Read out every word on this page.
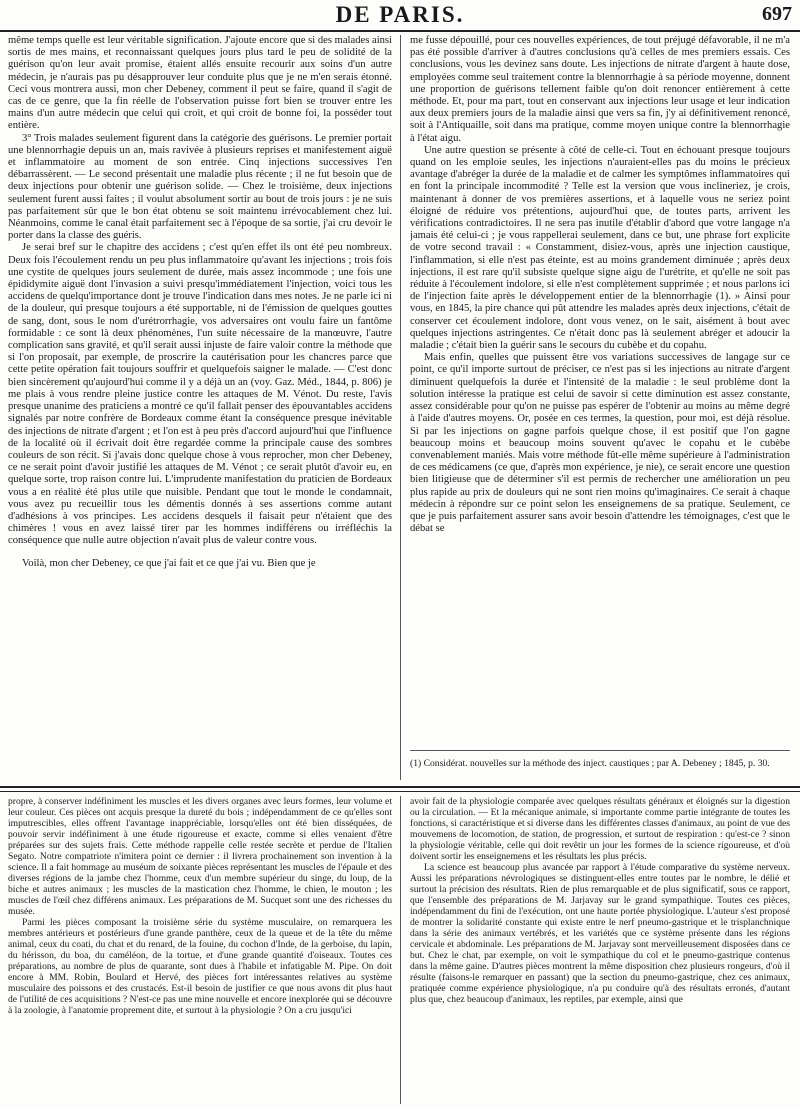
DE PARIS.	697

même temps quelle est leur véritable signification. J'ajoute encore que si des malades ainsi sortis de mes mains, et reconnaissant quelques jours plus tard le peu de solidité de la guérison qu'on leur avait promise, étaient allés ensuite recourir aux soins d'un autre médecin, je n'aurais pas pu désapprouver leur conduite plus que je ne m'en serais étonné. Ceci vous montrera aussi, mon cher Debeney, comment il peut se faire, quand il s'agit de cas de ce genre, que la fin réelle de l'observation puisse fort bien se trouver entre les mains d'un autre médecin que celui qui croit, et qui croit de bonne foi, la posséder tout entière.

3° Trois malades seulement figurent dans la catégorie des guérisons. Le premier portait une blennorrhagie depuis un an, mais ravivée à plusieurs reprises et manifestement aiguë et inflammatoire au moment de son entrée. Cinq injections successives l'en débarrassèrent. — Le second présentait une maladie plus récente ; il ne fut besoin que de deux injections pour obtenir une guérison solide. — Chez le troisième, deux injections seulement furent aussi faites ; il voulut absolument sortir au bout de trois jours : je ne suis pas parfaitement sûr que le bon état obtenu se soit maintenu irrévocablement chez lui. Néanmoins, comme le canal était parfaitement sec à l'époque de sa sortie, j'ai cru devoir le porter dans la classe des guéris.

Je serai bref sur le chapitre des accidens ; c'est qu'en effet ils ont été peu nombreux. Deux fois l'écoulement rendu un peu plus inflammatoire qu'avant les injections ; trois fois une cystite de quelques jours seulement de durée, mais assez incommode ; une fois une épididymite aiguë dont l'invasion a suivi presqu'immédiatement l'injection, voici tous les accidens de quelqu'importance dont je trouve l'indication dans mes notes. Je ne parle ici ni de la douleur, qui presque toujours a été supportable, ni de l'émission de quelques gouttes de sang, dont, sous le nom d'urétrorrhagie, vos adversaires ont voulu faire un fantôme formidable : ce sont là deux phénomènes, l'un suite nécessaire de la manœuvre, l'autre complication sans gravité, et qu'il serait aussi injuste de faire valoir contre la méthode que si l'on proposait, par exemple, de proscrire la cautérisation pour les chancres parce que cette petite opération fait toujours souffrir et quelquefois saigner le malade. — C'est donc bien sincèrement qu'aujourd'hui comme il y a déjà un an (voy. Gaz. Méd., 1844, p. 806) je me plais à vous rendre pleine justice contre les attaques de M. Vénot. Du reste, l'avis presque unanime des praticiens a montré ce qu'il fallait penser des épouvantables accidens signalés par notre confrère de Bordeaux comme étant la conséquence presque inévitable des injections de nitrate d'argent ; et l'on est à peu près d'accord aujourd'hui que l'influence de la localité où il écrivait doit être regardée comme la principale cause des sombres couleurs de son récit. Si j'avais donc quelque chose à vous reprocher, mon cher Debeney, ce ne serait point d'avoir justifié les attaques de M. Vénot ; ce serait plutôt d'avoir eu, en quelque sorte, trop raison contre lui. L'imprudente manifestation du praticien de Bordeaux vous a en réalité été plus utile que nuisible. Pendant que tout le monde le condamnait, vous avez pu recueillir tous les démentis donnés à ses assertions comme autant d'adhésions à vos principes. Les accidens desquels il faisait peur n'étaient que des chimères ! vous en avez laissé tirer par les hommes indifférens ou irréfléchis la conséquence que nulle autre objection n'avait plus de valeur contre vous.

Voilà, mon cher Debeney, ce que j'ai fait et ce que j'ai vu. Bien que je

me fusse dépouillé, pour ces nouvelles expériences, de tout préjugé défavorable, il ne m'a pas été possible d'arriver à d'autres conclusions qu'à celles de mes premiers essais. Ces conclusions, vous les devinez sans doute. Les injections de nitrate d'argent à haute dose, employées comme seul traitement contre la blennorrhagie à sa période moyenne, donnent une proportion de guérisons tellement faible qu'on doit renoncer entièrement à cette méthode. Et, pour ma part, tout en conservant aux injections leur usage et leur indication aux deux premiers jours de la maladie ainsi que vers sa fin, j'y ai définitivement renoncé, soit à l'Antiquaille, soit dans ma pratique, comme moyen unique contre la blennorrhagie à l'état aigu.

Une autre question se présente à côté de celle-ci. Tout en échouant presque toujours quand on les emploie seules, les injections n'auraient-elles pas du moins le précieux avantage d'abréger la durée de la maladie et de calmer les symptômes inflammatoires qui en font la principale incommodité ? Telle est la version que vous inclineriez, je crois, maintenant à donner de vos premières assertions, et à laquelle vous ne seriez point éloigné de réduire vos prétentions, aujourd'hui que, de toutes parts, arrivent les vérifications contradictoires. Il ne sera pas inutile d'établir d'abord que votre langage n'a jamais été celui-ci ; je vous rappellerai seulement, dans ce but, une phrase fort explicite de votre second travail : « Constamment, disiez-vous, après une injection caustique, l'inflammation, si elle n'est pas éteinte, est au moins grandement diminuée ; après deux injections, il est rare qu'il subsiste quelque signe aigu de l'urétrite, et qu'elle ne soit pas réduite à l'écoulement indolore, si elle n'est complètement supprimée ; et nous parlons ici de l'injection faite après le développement entier de la blennorrhagie (1). » Ainsi pour vous, en 1845, la pire chance qui pût attendre les malades après deux injections, c'était de conserver cet écoulement indolore, dont vous venez, on le sait, aisément à bout avec quelques injections astringentes. Ce n'était donc pas là seulement abréger et adoucir la maladie ; c'était bien la guérir sans le secours du cubèbe et du copahu.

Mais enfin, quelles que puissent être vos variations successives de langage sur ce point, ce qu'il importe surtout de préciser, ce n'est pas si les injections au nitrate d'argent diminuent quelquefois la durée et l'intensité de la maladie : le seul problème dont la solution intéresse la pratique est celui de savoir si cette diminution est assez constante, assez considérable pour qu'on ne puisse pas espérer de l'obtenir au moins au même degré à l'aide d'autres moyens. Or, posée en ces termes, la question, pour moi, est déjà résolue. Si par les injections on gagne parfois quelque chose, il est positif que l'on gagne beaucoup moins et beaucoup moins souvent qu'avec le copahu et le cubèbe convenablement maniés. Mais votre méthode fût-elle même supérieure à l'administration de ces médicamens (ce que, d'après mon expérience, je nie), ce serait encore une question bien litigieuse que de déterminer s'il est permis de rechercher une amélioration un peu plus rapide au prix de douleurs qui ne sont rien moins qu'imaginaires. Ce serait à chaque médecin à répondre sur ce point selon les enseignemens de sa pratique. Seulement, ce que je puis parfaitement assurer sans avoir besoin d'attendre les témoignages, c'est que le débat se

(1) Considérat. nouvelles sur la méthode des inject. caustiques ; par A. Debeney ; 1845, p. 30.

propre, à conserver indéfiniment les muscles et les divers organes avec leurs formes, leur volume et leur couleur. Ces pièces ont acquis presque la dureté du bois ; indépendamment de ce qu'elles sont imputrescibles, elles offrent l'avantage inappréciable, lorsqu'elles ont été bien disséquées, de pouvoir servir indéfiniment à une étude rigoureuse et exacte, comme si elles venaient d'être préparées sur des sujets frais. Cette méthode rappelle celle restée secrète et perdue de l'Italien Segato. Notre compatriote n'imitera point ce dernier : il livrera prochainement son invention à la science. Il a fait hommage au muséum de soixante pièces représentant les muscles de l'épaule et des diverses régions de la jambe chez l'homme, ceux d'un membre supérieur du singe, du loup, de la biche et autres animaux ; les muscles de la mastication chez l'homme, le chien, le mouton ; les muscles de l'œil chez différens animaux. Les préparations de M. Sucquet sont une des richesses du musée.

Parmi les pièces composant la troisième série du système musculaire, on remarquera les membres antérieurs et postérieurs d'une grande panthère, ceux de la queue et de la tête du même animal, ceux du coati, du chat et du renard, de la fouine, du cochon d'Inde, de la gerboise, du lapin, du hérisson, du boa, du caméléon, de la tortue, et d'une grande quantité d'oiseaux. Toutes ces préparations, au nombre de plus de quarante, sont dues à l'habile et infatigable M. Pipe. On doit encore à MM. Robin, Boulard et Hervé, des pièces fort intéressantes relatives au système musculaire des poissons et des crustacés. Est-il besoin de justifier ce que nous avons dit plus haut de l'utilité de ces acquisitions ? N'est-ce pas une mine nouvelle et encore inexplorée qui se découvre à la zoologie, à l'anatomie proprement dite, et surtout à la physiologie ? On a cru jusqu'ici

avoir fait de la physiologie comparée avec quelques résultats généraux et éloignés sur la digestion ou la circulation. — Et la mécanique animale, si importante comme partie intégrante de toutes les fonctions, si caractéristique et si diverse dans les différentes classes d'animaux, au point de vue des mouvemens de locomotion, de station, de progression, et surtout de respiration : qu'est-ce ? sinon la physiologie véritable, celle qui doit revêtir un jour les formes de la science rigoureuse, et d'où doivent sortir les enseignemens et les résultats les plus précis.

La science est beaucoup plus avancée par rapport à l'étude comparative du système nerveux. Aussi les préparations névrologiques se distinguent-elles entre toutes par le nombre, le délié et surtout la précision des résultats. Rien de plus remarquable et de plus significatif, sous ce rapport, que l'ensemble des préparations de M. Jarjavay sur le grand sympathique. Toutes ces pièces, indépendamment du fini de l'exécution, ont une haute portée physiologique. L'auteur s'est proposé de montrer la solidarité constante qui existe entre le nerf pneumo-gastrique et le trisplanchnique dans la série des animaux vertébrés, et les variétés que ce système présente dans les régions cervicale et abdominale. Les préparations de M. Jarjavay sont merveilleusement disposées dans ce but. Chez le chat, par exemple, on voit le sympathique du col et le pneumo-gastrique contenus dans la même gaine. D'autres pièces montrent la même disposition chez plusieurs rongeurs, d'où il résulte (faisons-le remarquer en passant) que la section du pneumo-gastrique, chez ces animaux, pratiquée comme expérience physiologique, n'a pu conduire qu'à des résultats erronés, d'autant plus que, chez beaucoup d'animaux, les reptiles, par exemple, ainsi que
